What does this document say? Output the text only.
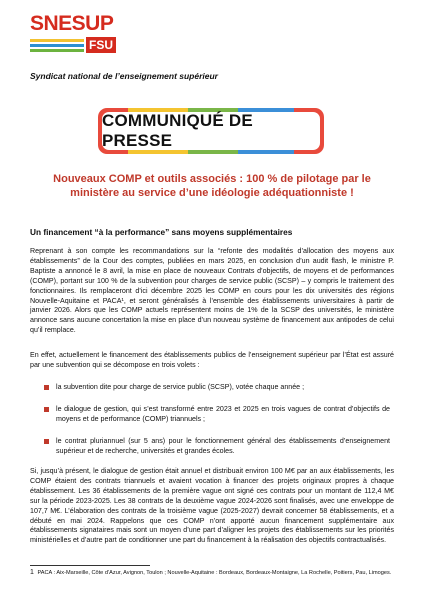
SNESUP
FSU
Syndicat national de l’enseignement supérieur
COMMUNIQUÉ DE PRESSE
Nouveaux COMP et outils associés : 100 % de pilotage par le
ministère au service d’une idéologie adéquationniste !
Un financement “à la performance” sans moyens supplémentaires

Reprenant à son compte les recommandations sur la “refonte des modalités d’allocation des moyens aux établissements” de la Cour des comptes, publiées en mars 2025, en conclusion d’un audit flash, le ministre P. Baptiste a annoncé le 8 avril, la mise en place de nouveaux Contrats d’objectifs, de moyens et de performances (COMP), portant sur 100 % de la subvention pour charges de service public (SCSP) – y compris le traitement des fonctionnaires. Ils remplaceront d’ici décembre 2025 les COMP en cours pour les dix universités des régions Nouvelle-Aquitaine et PACA¹, et seront généralisés à l’ensemble des établissements universitaires à partir de janvier 2026. Alors que les COMP actuels représentent moins de 1% de la SCSP des universités, le ministère annonce sans aucune concertation la mise en place d’un nouveau système de financement aux antipodes de celui qu’il remplace.

En effet, actuellement le financement des établissements publics de l’enseignement supérieur par l’État est assuré par une subvention qui se décompose en trois volets :

la subvention dite pour charge de service public (SCSP), votée chaque année ;
le dialogue de gestion, qui s’est transformé entre 2023 et 2025 en trois vagues de contrat d’objectifs de moyens et de performance (COMP) triannuels ;
le contrat pluriannuel (sur 5 ans) pour le fonctionnement général des établissements d’enseignement supérieur et de recherche, universités et grandes écoles.

Si, jusqu’à présent, le dialogue de gestion était annuel et distribuait environ 100 M€ par an aux établissements, les COMP étaient des contrats triannuels et avaient vocation à financer des projets originaux propres à chaque établissement. Les 36 établissements de la première vague ont signé ces contrats pour un montant de 112,4 M€ sur la période 2023-2025. Les 38 contrats de la deuxième vague 2024-2026 sont finalisés, avec une enveloppe de 107,7 M€. L’élaboration des contrats de la troisième vague (2025-2027) devrait concerner 58 établissements, et a débuté en mai 2024. Rappelons que ces COMP n’ont apporté aucun financement supplémentaire aux établissements signataires mais sont un moyen d’une part d’aligner les projets des établissements sur les priorités ministérielles et d’autre part de conditionner une part du financement à la réalisation des objectifs contractualisés.

1 PACA : Aix-Marseille, Côte d’Azur, Avignon, Toulon ; Nouvelle-Aquitaine : Bordeaux, Bordeaux-Montaigne, La Rochelle, Poitiers, Pau, Limoges.
